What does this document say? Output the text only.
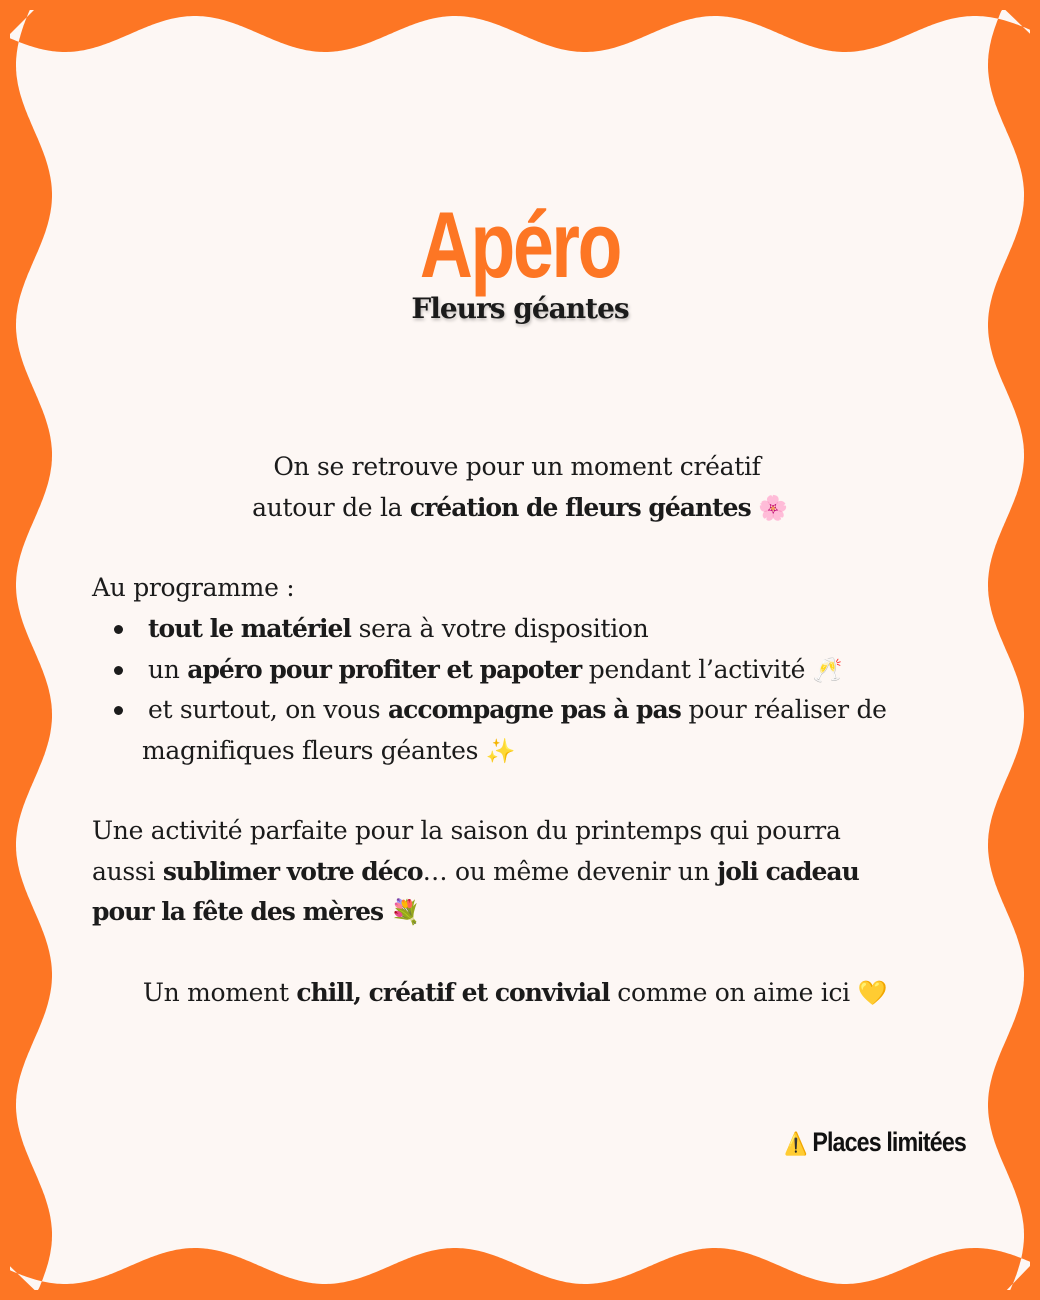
Apéro
Fleurs géantes
On se retrouve pour un moment créatif
autour de la création de fleurs géantes 🌸
Au programme :
tout le matériel sera à votre disposition
un apéro pour profiter et papoter pendant l’activité 🥂
et surtout, on vous accompagne pas à pas pour réaliser de
magnifiques fleurs géantes ✨
Une activité parfaite pour la saison du printemps qui pourra
aussi sublimer votre déco… ou même devenir un joli cadeau
pour la fête des mères 💐
Un moment chill, créatif et convivial comme on aime ici 💛
⚠️ Places limitées
